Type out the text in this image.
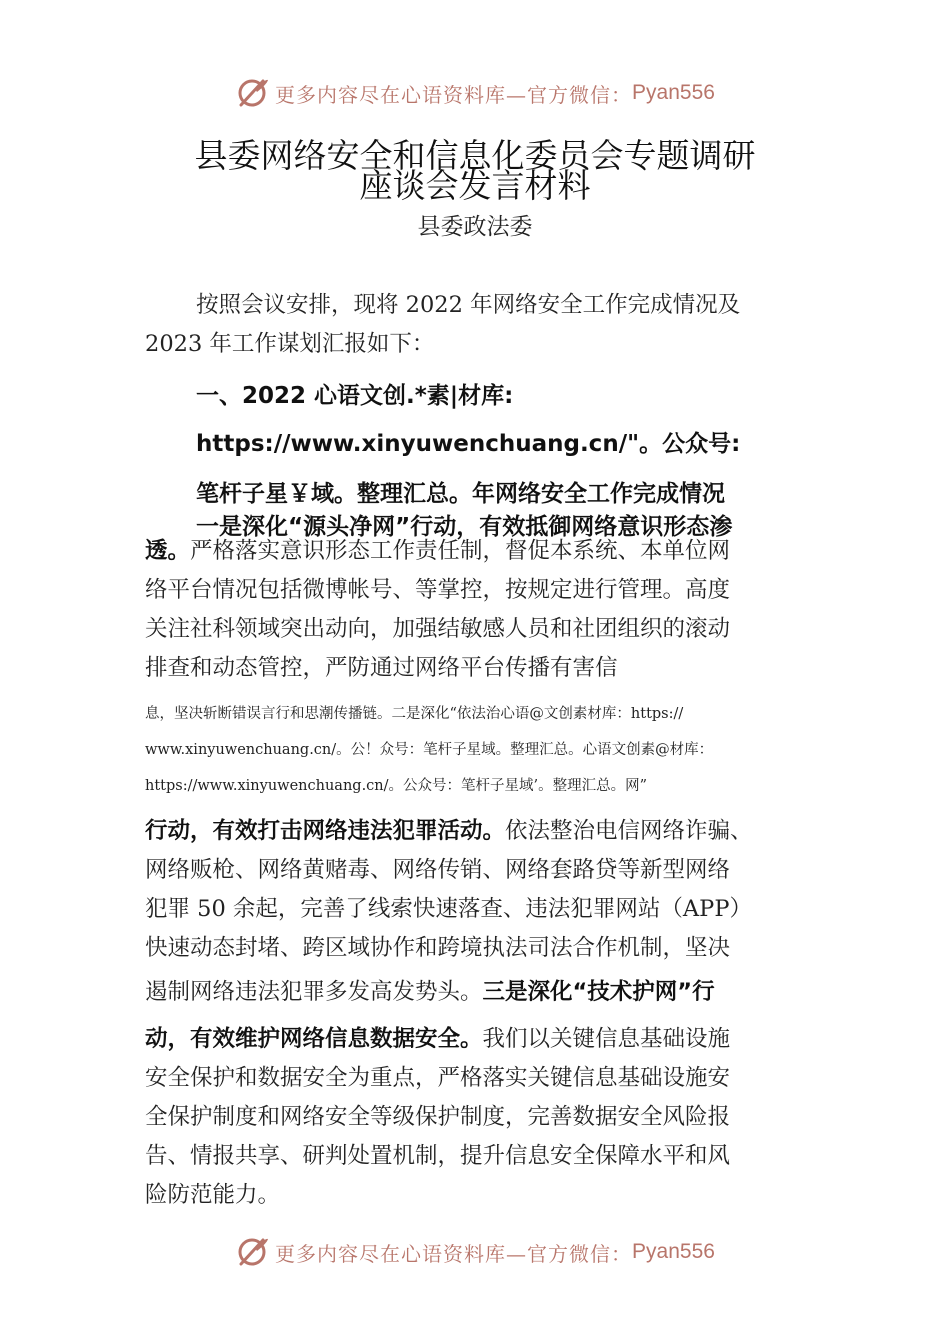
更多内容尽在心语资料库—官方微信： Pyan556
县委网络安全和信息化委员会专题调研
座谈会发言材料
县委政法委
按照会议安排，现将 2022 年网络安全工作完成情况及
2023 年工作谋划汇报如下：
一、2022 心语文创.*素|材库:
https://www.xinyuwenchuang.cn/"。公众号:
笔杆子星￥域。整理汇总。年网络安全工作完成情况
一是深化“源头净网”行动，有效抵御网络意识形态渗
透。严格落实意识形态工作责任制，督促本系统、本单位网
络平台情况包括微博帐号、等掌控，按规定进行管理。高度
关注社科领域突出动向，加强结敏感人员和社团组织的滚动
排查和动态管控，严防通过网络平台传播有害信
息，坚决斩断错误言行和思潮传播链。二是深化“依法治心语@文创素材库：https://
www.xinyuwenchuang.cn/。公！众号：笔杆子星域。整理汇总。心语文创素@材库：
https://www.xinyuwenchuang.cn/。公众号：笔杆子星域’。整理汇总。网”
行动，有效打击网络违法犯罪活动。依法整治电信网络诈骗、
网络贩枪、网络黄赌毒、网络传销、网络套路贷等新型网络
犯罪 50 余起，完善了线索快速落查、违法犯罪网站（APP）
快速动态封堵、跨区域协作和跨境执法司法合作机制，坚决
遏制网络违法犯罪多发高发势头。三是深化“技术护网”行
动，有效维护网络信息数据安全。我们以关键信息基础设施
安全保护和数据安全为重点，严格落实关键信息基础设施安
全保护制度和网络安全等级保护制度，完善数据安全风险报
告、情报共享、研判处置机制，提升信息安全保障水平和风
险防范能力。
更多内容尽在心语资料库—官方微信： Pyan556
